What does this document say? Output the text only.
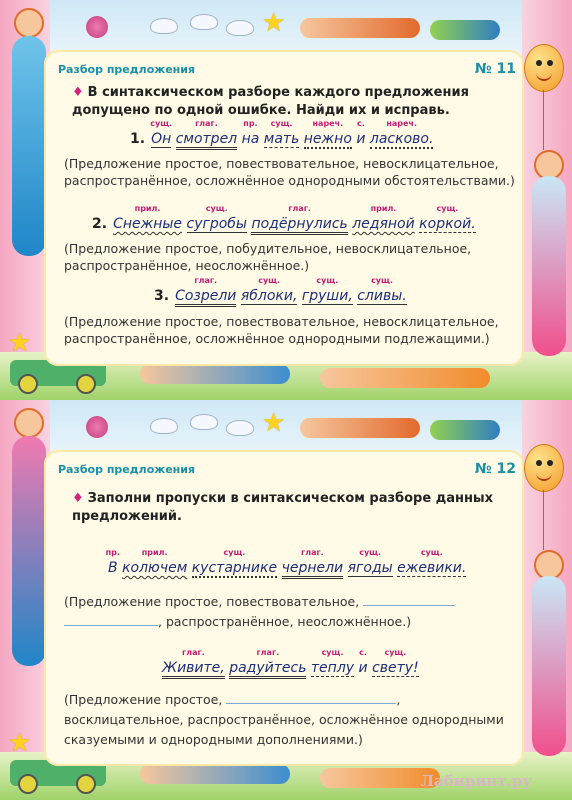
★
★
Разбор предложения	№ 11
♦ В синтаксическом разборе каждого предложения допущено по одной ошибке. Найди их и исправь.
1.
сущ.
Он
глаг.
смотрел
пр.
на
сущ.
мать
нареч.
нежно
с.
и
нареч.
ласково.
(Предложение простое, повествовательное, невосклицательное, распространённое, осложнённое однородными обстоятельствами.)
2.
прил.
Снежные
сущ.
сугробы
глаг.
подёрнулись
прил.
ледяной
сущ.
коркой.
(Предложение простое, побудительное, невосклицательное, распространённое, неосложнённое.)
3.
глаг.
Созрели
сущ.
яблоки,
сущ.
груши,
сущ.
сливы.
(Предложение простое, повествовательное, невосклицательное, распространённое, осложнённое однородными подлежащими.)
★
★
Разбор предложения	№ 12
♦ Заполни пропуски в синтаксическом разборе данных предложений.
пр.
В
прил.
колючем
сущ.
кустарнике
глаг.
чернели
сущ.
ягоды
сущ.
ежевики.
(Предложение простое, повествовательное,  , распространённое, неосложнённое.)
глаг.
Живите,
глаг.
радуйтесь
сущ.
теплу
с.
и
сущ.
свету!
(Предложение простое,	, восклицательное, распространённое, осложнённое однородными сказуемыми и однородными дополнениями.)
Лабиринт.ру
